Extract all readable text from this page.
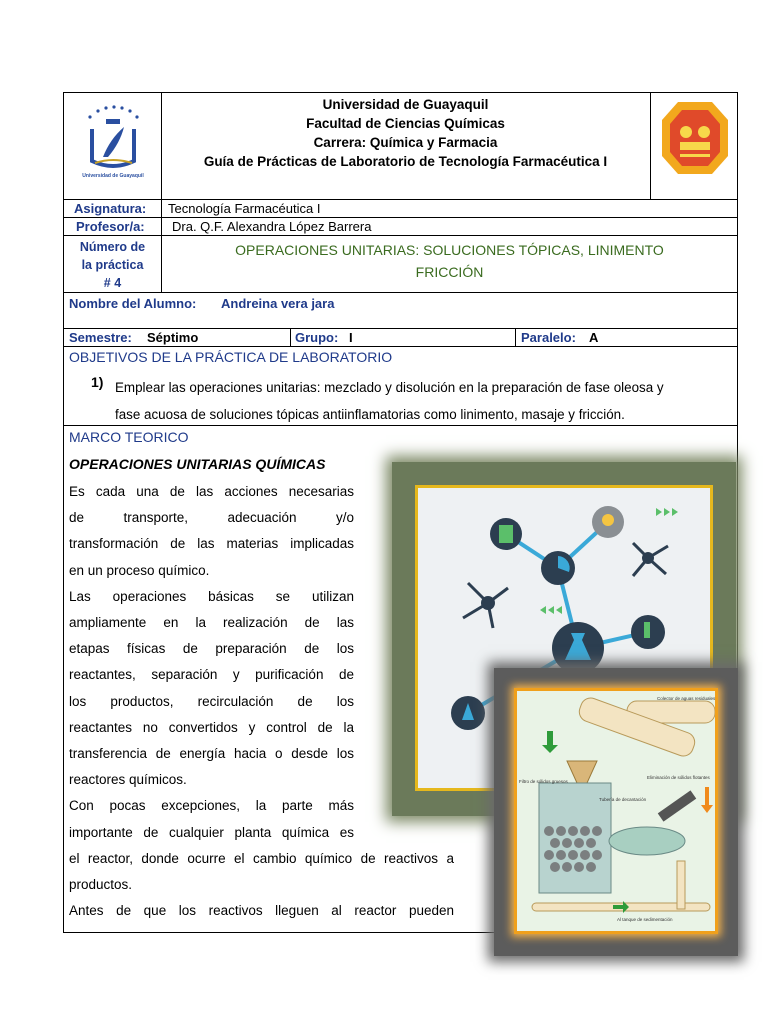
Universidad de Guayaquil
Universidad de Guayaquil
Facultad de Ciencias Químicas
Carrera: Química y Farmacia
Guía de Prácticas de Laboratorio de Tecnología Farmacéutica I
Asignatura: Tecnología Farmacéutica I
Profesor/a: Dra. Q.F. Alexandra López Barrera
Número de
la práctica
# 4
OPERACIONES UNITARIAS: SOLUCIONES TÓPICAS, LINIMENTO
FRICCIÓN
Nombre del Alumno: Andreina vera jara
Semestre: Séptimo	Grupo: I	Paralelo: A
OBJETIVOS DE LA PRÁCTICA DE LABORATORIO
1) Emplear las operaciones unitarias: mezclado y disolución en la preparación de fase oleosa y
fase acuosa de soluciones tópicas antiinflamatorias como linimento, masaje y fricción.
MARCO TEORICO
OPERACIONES UNITARIAS QUÍMICAS
Es cada una de las acciones necesarias
de transporte, adecuación y/o
transformación de las materias implicadas
en un proceso químico.
Las operaciones básicas se utilizan
ampliamente en la realización de las
etapas físicas de preparación de los
reactantes, separación y purificación de
los productos, recirculación de los
reactantes no convertidos y control de la
transferencia de energía hacia o desde los
reactores químicos.
Con pocas excepciones, la parte más
importante de cualquier planta química es
el reactor, donde ocurre el cambio químico de reactivos a
productos.
Antes de que los reactivos lleguen al reactor pueden
Colector de aguas residuales
Filtro de sólidos gruesos
Tubería de decantación
Eliminación de sólidos flotantes
Al tanque de sedimentación
